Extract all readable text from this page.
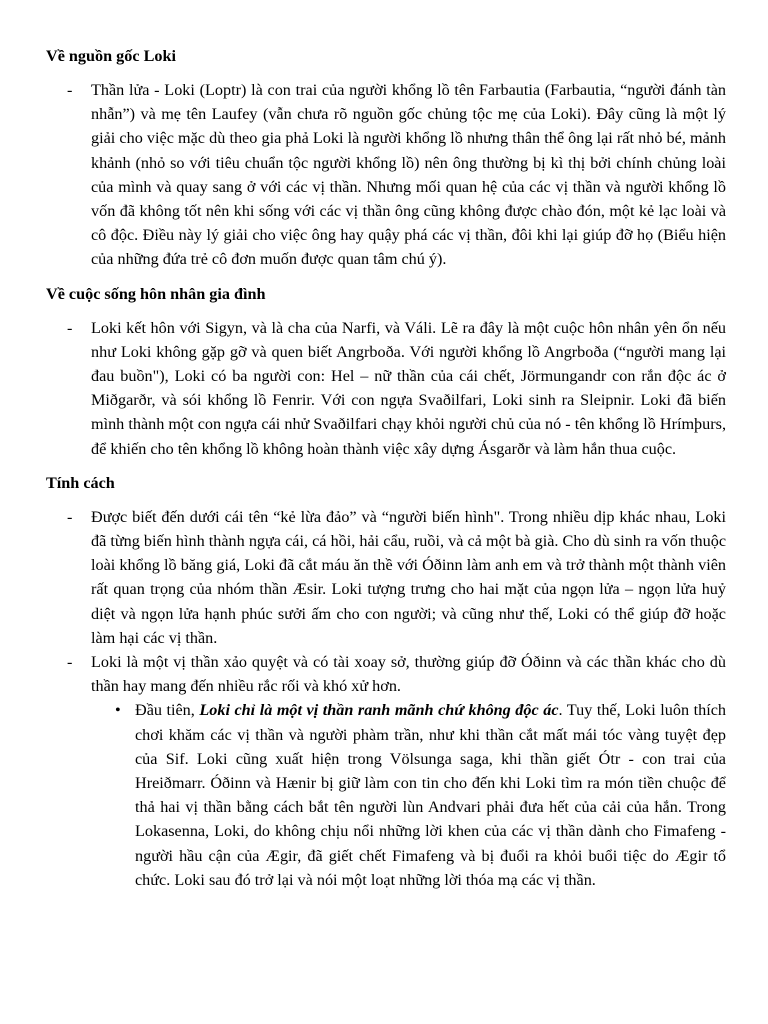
Về nguồn gốc Loki

- Thần lửa - Loki (Loptr) là con trai của người khổng lồ tên Farbautia (Farbautia, “người đánh tàn nhẫn”) và mẹ tên Laufey (vẫn chưa rõ nguồn gốc chủng tộc mẹ của Loki). Đây cũng là một lý giải cho việc mặc dù theo gia phả Loki là người khổng lồ nhưng thân thể ông lại rất nhỏ bé, mảnh khảnh (nhỏ so với tiêu chuẩn tộc người khổng lồ) nên ông thường bị kì thị bởi chính chủng loài của mình và quay sang ở với các vị thần. Nhưng mối quan hệ của các vị thần và người khổng lồ vốn đã không tốt nên khi sống với các vị thần ông cũng không được chào đón, một kẻ lạc loài và cô độc. Điều này lý giải cho việc ông hay quậy phá các vị thần, đôi khi lại giúp đỡ họ (Biểu hiện của những đứa trẻ cô đơn muốn được quan tâm chú ý).

Về cuộc sống hôn nhân gia đình

- Loki kết hôn với Sigyn, và là cha của Narfi, và Váli. Lẽ ra đây là một cuộc hôn nhân yên ổn nếu như Loki không gặp gỡ và quen biết Angrboða. Với người khổng lồ Angrboða (“người mang lại đau buồn"), Loki có ba người con: Hel – nữ thần của cái chết, Jörmungandr con rắn độc ác ở Miðgarðr, và sói khổng lồ Fenrir. Với con ngựa Svaðilfari, Loki sinh ra Sleipnir. Loki đã biến mình thành một con ngựa cái nhử Svaðilfari chạy khỏi người chủ của nó - tên khổng lồ Hrímþurs, để khiến cho tên khổng lồ không hoàn thành việc xây dựng Ásgarðr và làm hắn thua cuộc.

Tính cách

- Được biết đến dưới cái tên “kẻ lừa đảo” và “người biến hình". Trong nhiều dịp khác nhau, Loki đã từng biến hình thành ngựa cái, cá hồi, hải cẩu, ruồi, và cả một bà già. Cho dù sinh ra vốn thuộc loài khổng lồ băng giá, Loki đã cắt máu ăn thề với Óðinn làm anh em và trở thành một thành viên rất quan trọng của nhóm thần Æsir. Loki tượng trưng cho hai mặt của ngọn lửa – ngọn lửa huỷ diệt và ngọn lửa hạnh phúc sưởi ấm cho con người; và cũng như thế, Loki có thể giúp đỡ hoặc làm hại các vị thần.
- Loki là một vị thần xảo quyệt và có tài xoay sở, thường giúp đỡ Óðinn và các thần khác cho dù thần hay mang đến nhiều rắc rối và khó xử hơn.
• Đầu tiên, Loki chỉ là một vị thần ranh mãnh chứ không độc ác. Tuy thế, Loki luôn thích chơi khăm các vị thần và người phàm trần, như khi thần cắt mất mái tóc vàng tuyệt đẹp của Sif. Loki cũng xuất hiện trong Völsunga saga, khi thần giết Ótr - con trai của Hreiðmarr. Óðinn và Hænir bị giữ làm con tin cho đến khi Loki tìm ra món tiền chuộc để thả hai vị thần bằng cách bắt tên người lùn Andvari phải đưa hết của cải của hắn. Trong Lokasenna, Loki, do không chịu nổi những lời khen của các vị thần dành cho Fimafeng - người hầu cận của Ægir, đã giết chết Fimafeng và bị đuổi ra khỏi buổi tiệc do Ægir tổ chức. Loki sau đó trở lại và nói một loạt những lời thóa mạ các vị thần.
